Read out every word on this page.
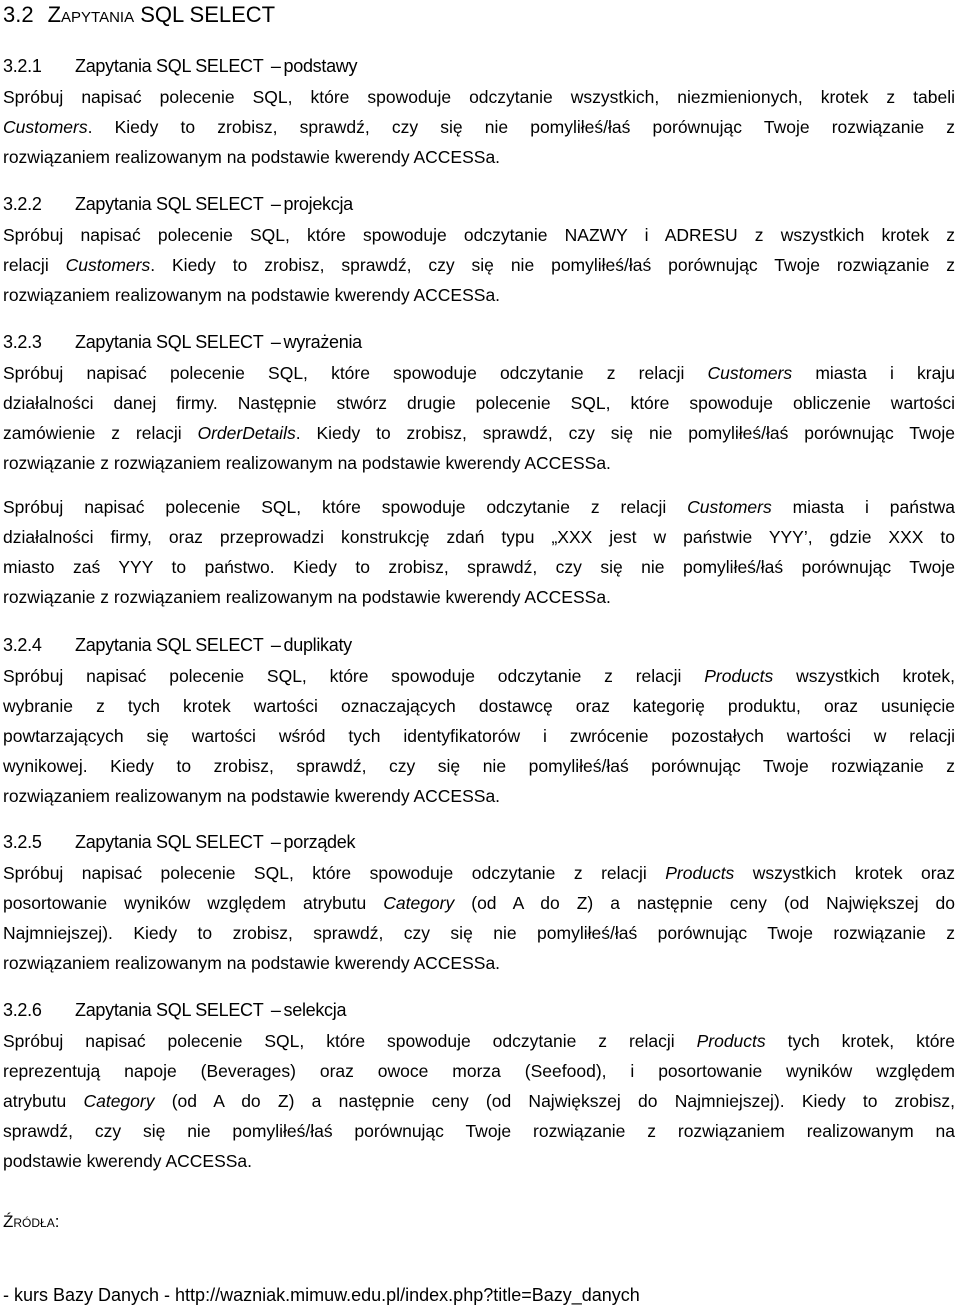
3.2 Zapytania SQL SELECT
3.2.1 Zapytania SQL SELECT – podstawy
Spróbuj napisać polecenie SQL, które spowoduje odczytanie wszystkich, niezmienionych, krotek z tabeli
Customers. Kiedy to zrobisz, sprawdź, czy się nie pomyliłeś/łaś porównując Twoje rozwiązanie z
rozwiązaniem realizowanym na podstawie kwerendy ACCESSa.
3.2.2 Zapytania SQL SELECT – projekcja
Spróbuj napisać polecenie SQL, które spowoduje odczytanie NAZWY i ADRESU z wszystkich krotek z
relacji Customers. Kiedy to zrobisz, sprawdź, czy się nie pomyliłeś/łaś porównując Twoje rozwiązanie z
rozwiązaniem realizowanym na podstawie kwerendy ACCESSa.
3.2.3 Zapytania SQL SELECT – wyrażenia
Spróbuj napisać polecenie SQL, które spowoduje odczytanie z relacji Customers miasta i kraju
działalności danej firmy. Następnie stwórz drugie polecenie SQL, które spowoduje obliczenie wartości
zamówienie z relacji OrderDetails. Kiedy to zrobisz, sprawdź, czy się nie pomyliłeś/łaś porównując Twoje
rozwiązanie z rozwiązaniem realizowanym na podstawie kwerendy ACCESSa.
Spróbuj napisać polecenie SQL, które spowoduje odczytanie z relacji Customers miasta i państwa
działalności firmy, oraz przeprowadzi konstrukcję zdań typu „XXX jest w państwie YYY’, gdzie XXX to
miasto zaś YYY to państwo. Kiedy to zrobisz, sprawdź, czy się nie pomyliłeś/łaś porównując Twoje
rozwiązanie z rozwiązaniem realizowanym na podstawie kwerendy ACCESSa.
3.2.4 Zapytania SQL SELECT – duplikaty
Spróbuj napisać polecenie SQL, które spowoduje odczytanie z relacji Products wszystkich krotek,
wybranie z tych krotek wartości oznaczających dostawcę oraz kategorię produktu, oraz usunięcie
powtarzających się wartości wśród tych identyfikatorów i zwrócenie pozostałych wartości w relacji
wynikowej. Kiedy to zrobisz, sprawdź, czy się nie pomyliłeś/łaś porównując Twoje rozwiązanie z
rozwiązaniem realizowanym na podstawie kwerendy ACCESSa.
3.2.5 Zapytania SQL SELECT – porządek
Spróbuj napisać polecenie SQL, które spowoduje odczytanie z relacji Products wszystkich krotek oraz
posortowanie wyników względem atrybutu Category (od A do Z) a następnie ceny (od Największej do
Najmniejszej). Kiedy to zrobisz, sprawdź, czy się nie pomyliłeś/łaś porównując Twoje rozwiązanie z
rozwiązaniem realizowanym na podstawie kwerendy ACCESSa.
3.2.6 Zapytania SQL SELECT – selekcja
Spróbuj napisać polecenie SQL, które spowoduje odczytanie z relacji Products tych krotek, które
reprezentują napoje (Beverages) oraz owoce morza (Seefood), i posortowanie wyników względem
atrybutu Category (od A do Z) a następnie ceny (od Największej do Najmniejszej). Kiedy to zrobisz,
sprawdź, czy się nie pomyliłeś/łaś porównując Twoje rozwiązanie z rozwiązaniem realizowanym na
podstawie kwerendy ACCESSa.
Źródła:
- kurs Bazy Danych - http://wazniak.mimuw.edu.pl/index.php?title=Bazy_danych
